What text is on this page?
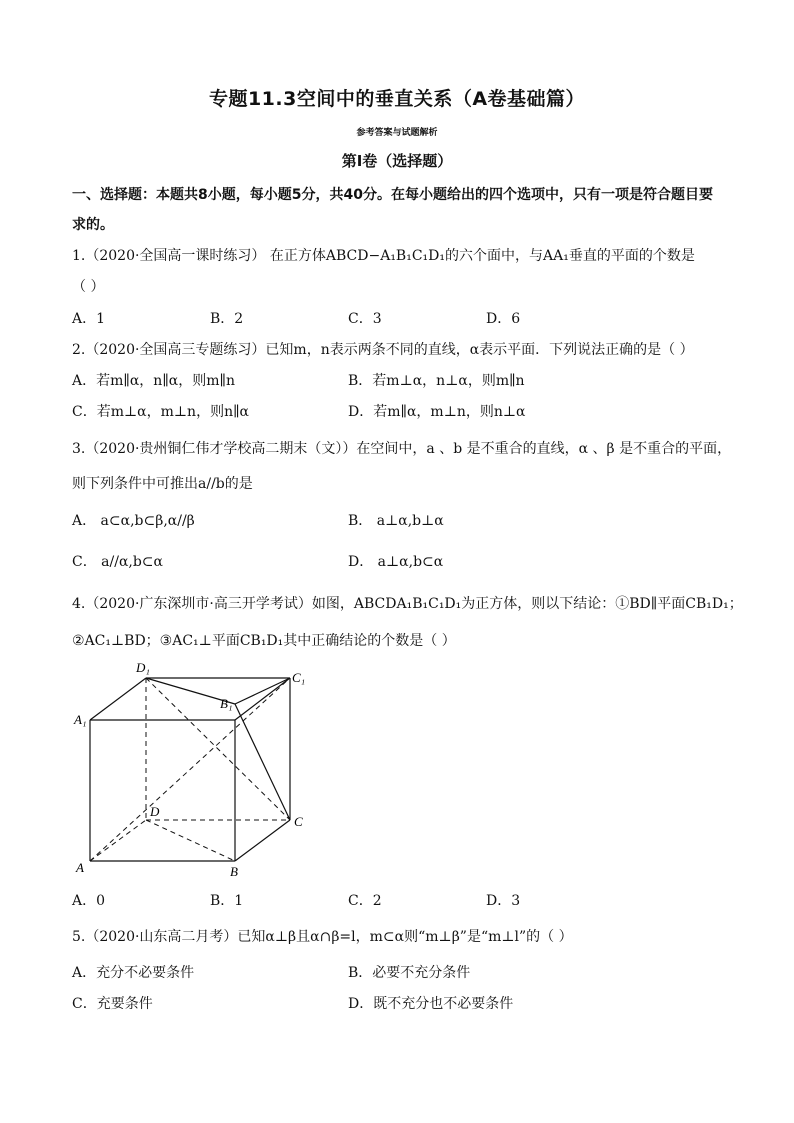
专题11.3空间中的垂直关系（A卷基础篇）
参考答案与试题解析
第Ⅰ卷（选择题）
一、选择题：本题共8小题，每小题5分，共40分。在每小题给出的四个选项中，只有一项是符合题目要
求的。
1.（2020·全国高一课时练习） 在正方体ABCD−A₁B₁C₁D₁的六个面中，与AA₁垂直的平面的个数是
（ ）
A．1	B．2	C．3	D．6
2.（2020·全国高三专题练习）已知m，n表示两条不同的直线，α表示平面．下列说法正确的是（ ）
A．若m∥α，n∥α，则m∥n	B．若m⊥α，n⊥α，则m∥n
C．若m⊥α，m⊥n，则n∥α	D．若m∥α，m⊥n，则n⊥α
3.（2020·贵州铜仁伟才学校高二期末（文））在空间中，a 、b 是不重合的直线，α 、β 是不重合的平面，
则下列条件中可推出a//b的是
A． a⊂α,b⊂β,α//β	B． a⊥α,b⊥α
C． a//α,b⊂α	D． a⊥α,b⊂α
4.（2020·广东深圳市·高三开学考试）如图，ABCDA₁B₁C₁D₁为正方体，则以下结论：①BD∥平面CB₁D₁；
②AC₁⊥BD；③AC₁⊥平面CB₁D₁其中正确结论的个数是（ ）
D₁
C₁
B₁
A₁
D
C
A	B
A．0	B．1	C．2	D．3
5.（2020·山东高二月考）已知α⊥β且α∩β=l，m⊂α则“m⊥β”是“m⊥l”的（ ）
A．充分不必要条件	B．必要不充分条件
C．充要条件	D．既不充分也不必要条件
